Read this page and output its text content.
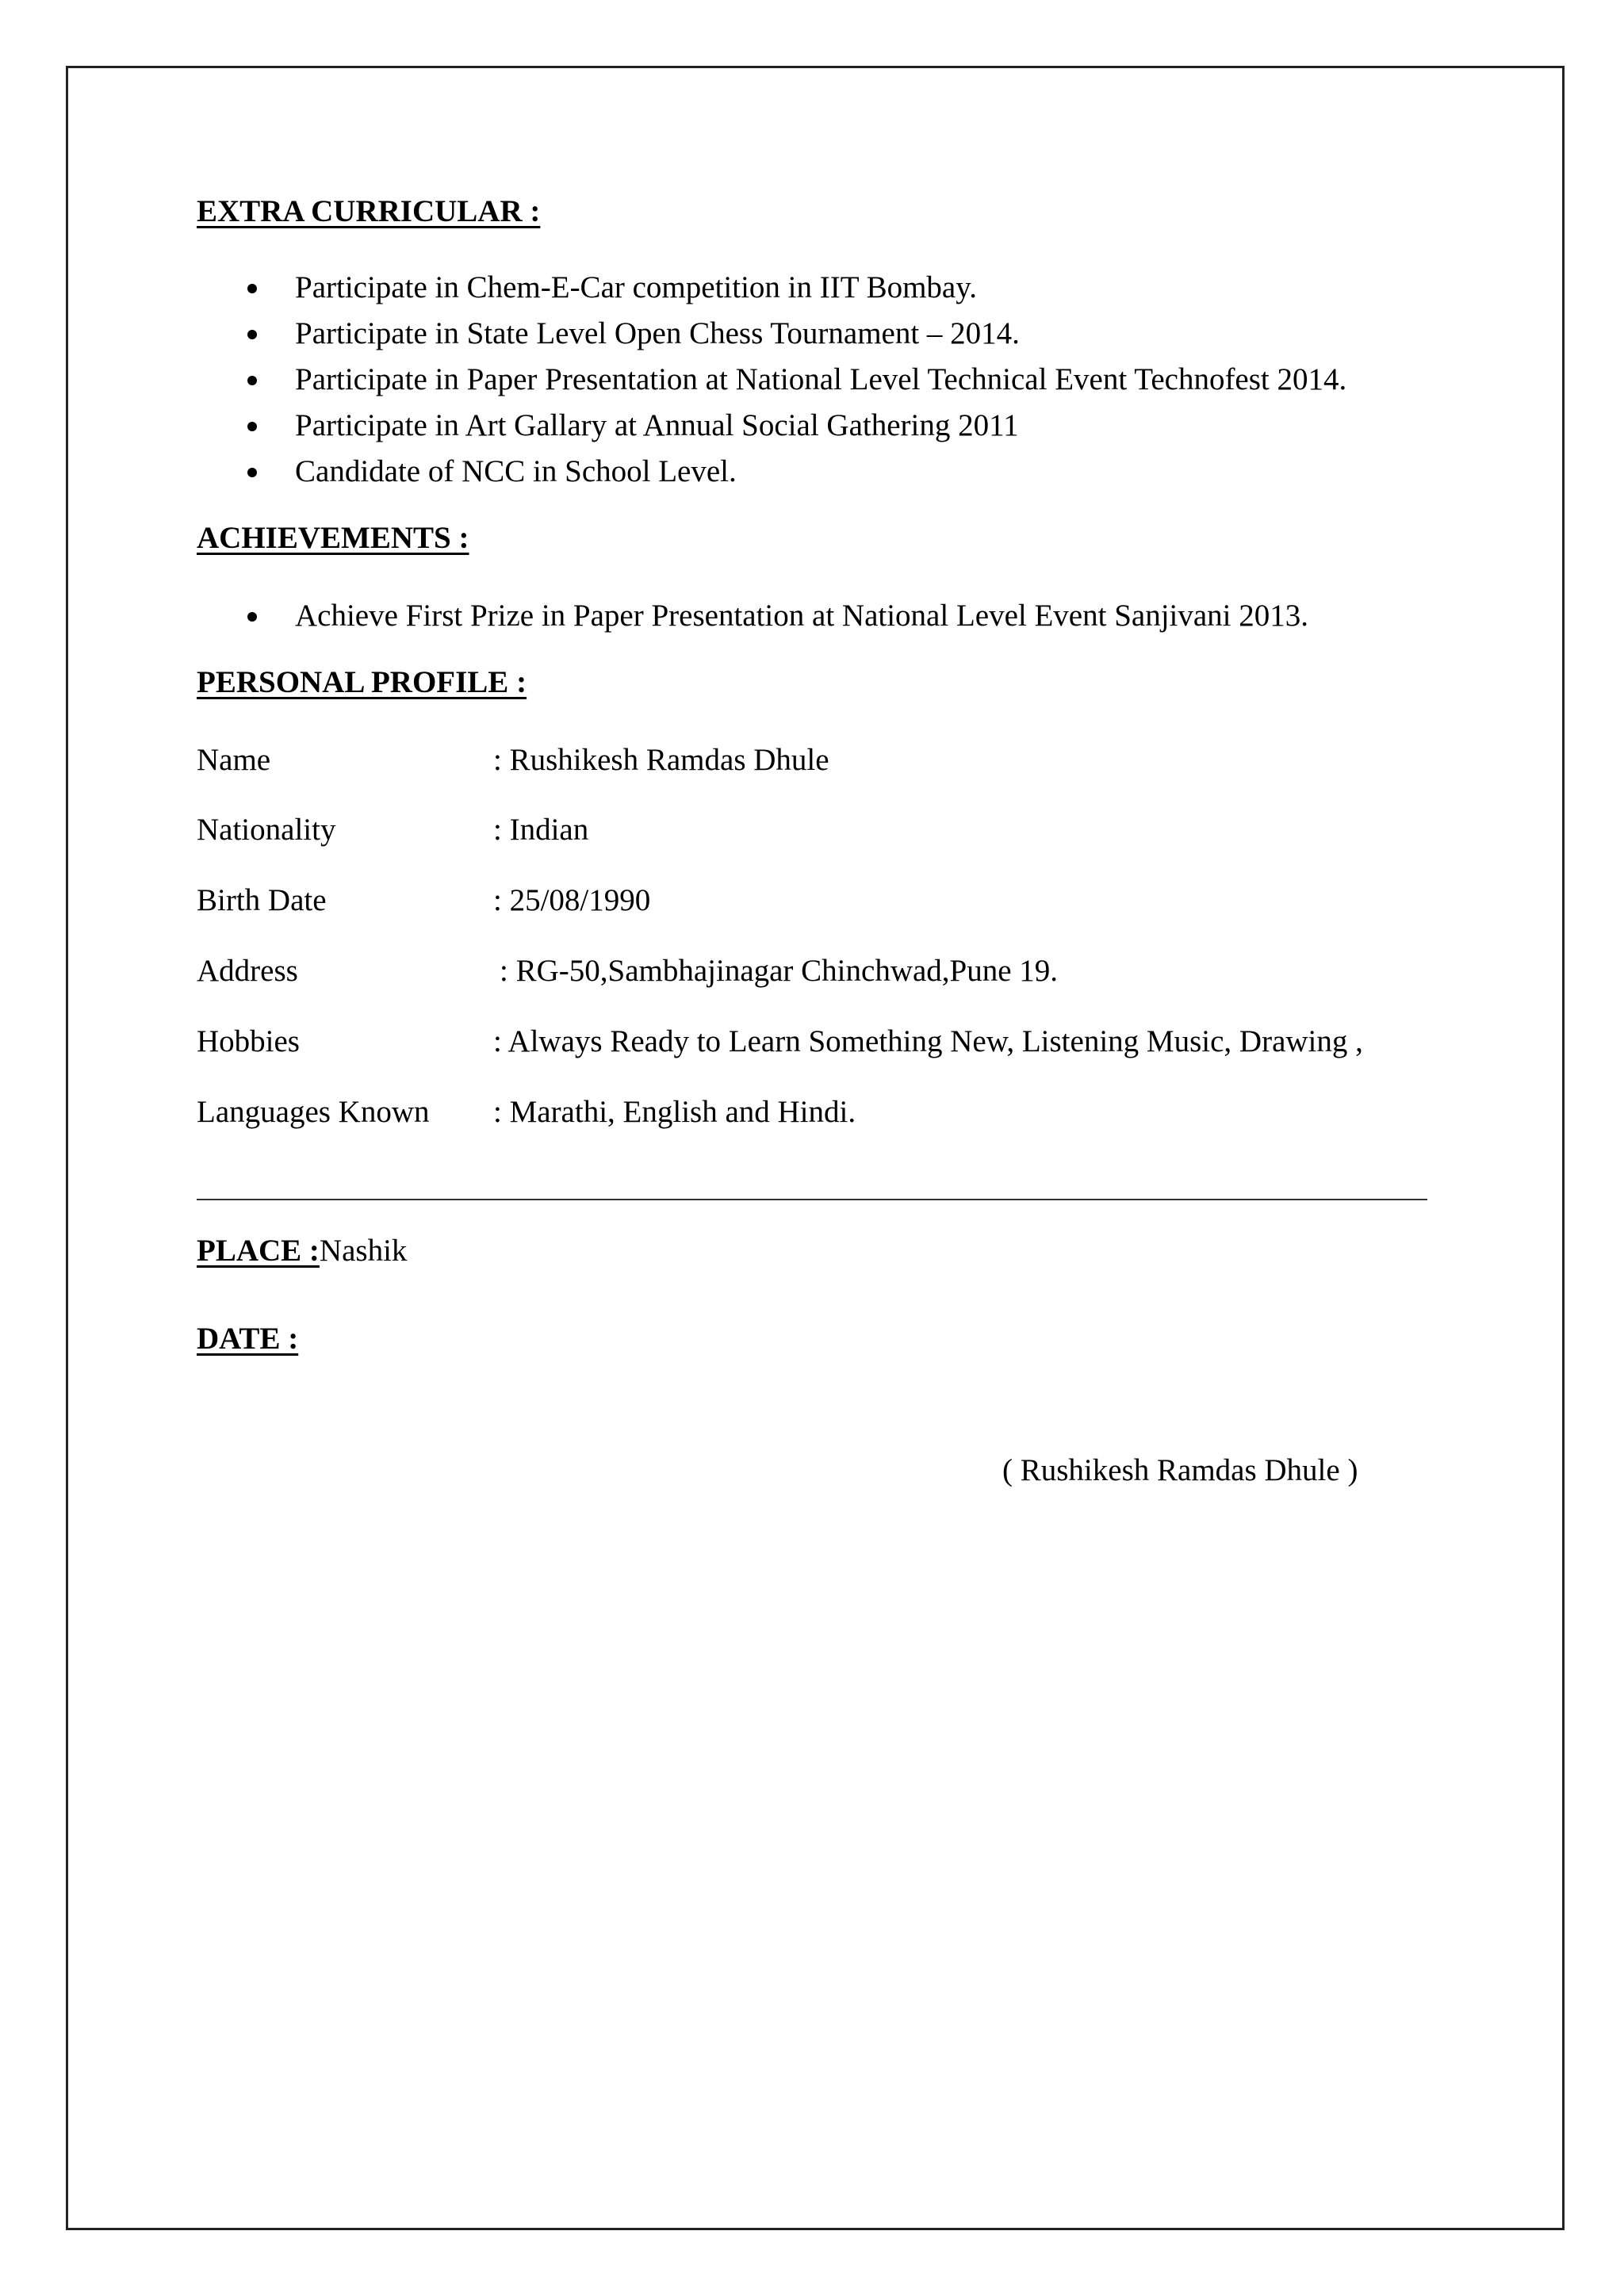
EXTRA CURRICULAR :
Participate in Chem-E-Car competition in IIT Bombay.
Participate in State Level Open Chess Tournament – 2014.
Participate in Paper Presentation at National Level Technical Event Technofest 2014.
Participate in Art Gallary at Annual Social Gathering 2011
Candidate of NCC in School Level.
ACHIEVEMENTS :
Achieve First Prize in Paper Presentation at National Level Event Sanjivani 2013.
PERSONAL PROFILE :
Name	: Rushikesh Ramdas Dhule
Nationality	: Indian
Birth Date	: 25/08/1990
Address	: RG-50,Sambhajinagar Chinchwad,Pune 19.
Hobbies	: Always Ready to Learn Something New, Listening Music, Drawing ,
Languages Known : Marathi, English and Hindi.
PLACE :Nashik
DATE :
( Rushikesh Ramdas Dhule )
